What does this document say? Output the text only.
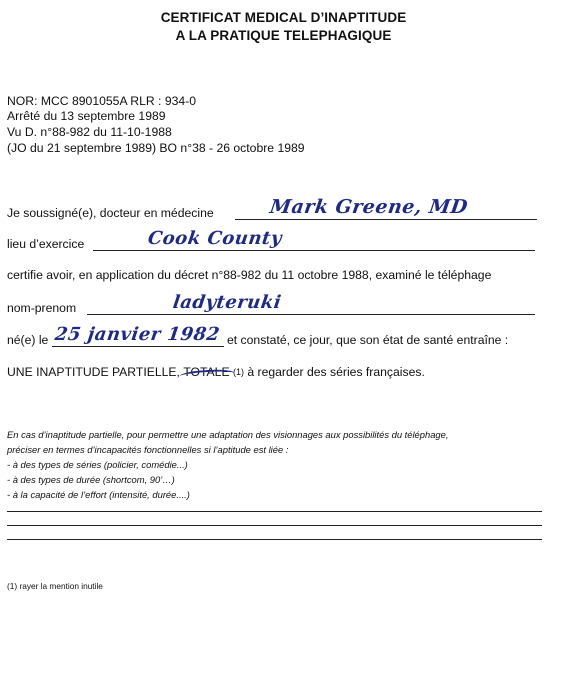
CERTIFICAT MEDICAL D’INAPTITUDE
A LA PRATIQUE TELEPHAGIQUE
NOR: MCC 8901055A RLR : 934-0
Arrêté du 13 septembre 1989
Vu D. n°88-982 du 11-10-1988
(JO du 21 septembre 1989) BO n°38 - 26 octobre 1989
Je soussigné(e), docteur en médecine	Mark Greene, MD
lieu d’exercice	Cook County
certifie avoir, en application du décret n°88-982 du 11 octobre 1988, examiné le téléphage
nom-prenom	ladyteruki
né(e) le 25 janvier 1982 et constaté, ce jour, que son état de santé entraîne :
UNE INAPTITUDE PARTIELLE, TOTALE (1) à regarder des séries françaises.
En cas d’inaptitude partielle, pour permettre une adaptation des visionnages aux possibilités du téléphage,
préciser en termes d’incapacités fonctionnelles si l’aptitude est liée :
- à des types de séries (policier, comédie...)
- à des types de durée (shortcom, 90’…)
- à la capacité de l’effort (intensité, durée....)
(1) rayer la mention inutile
